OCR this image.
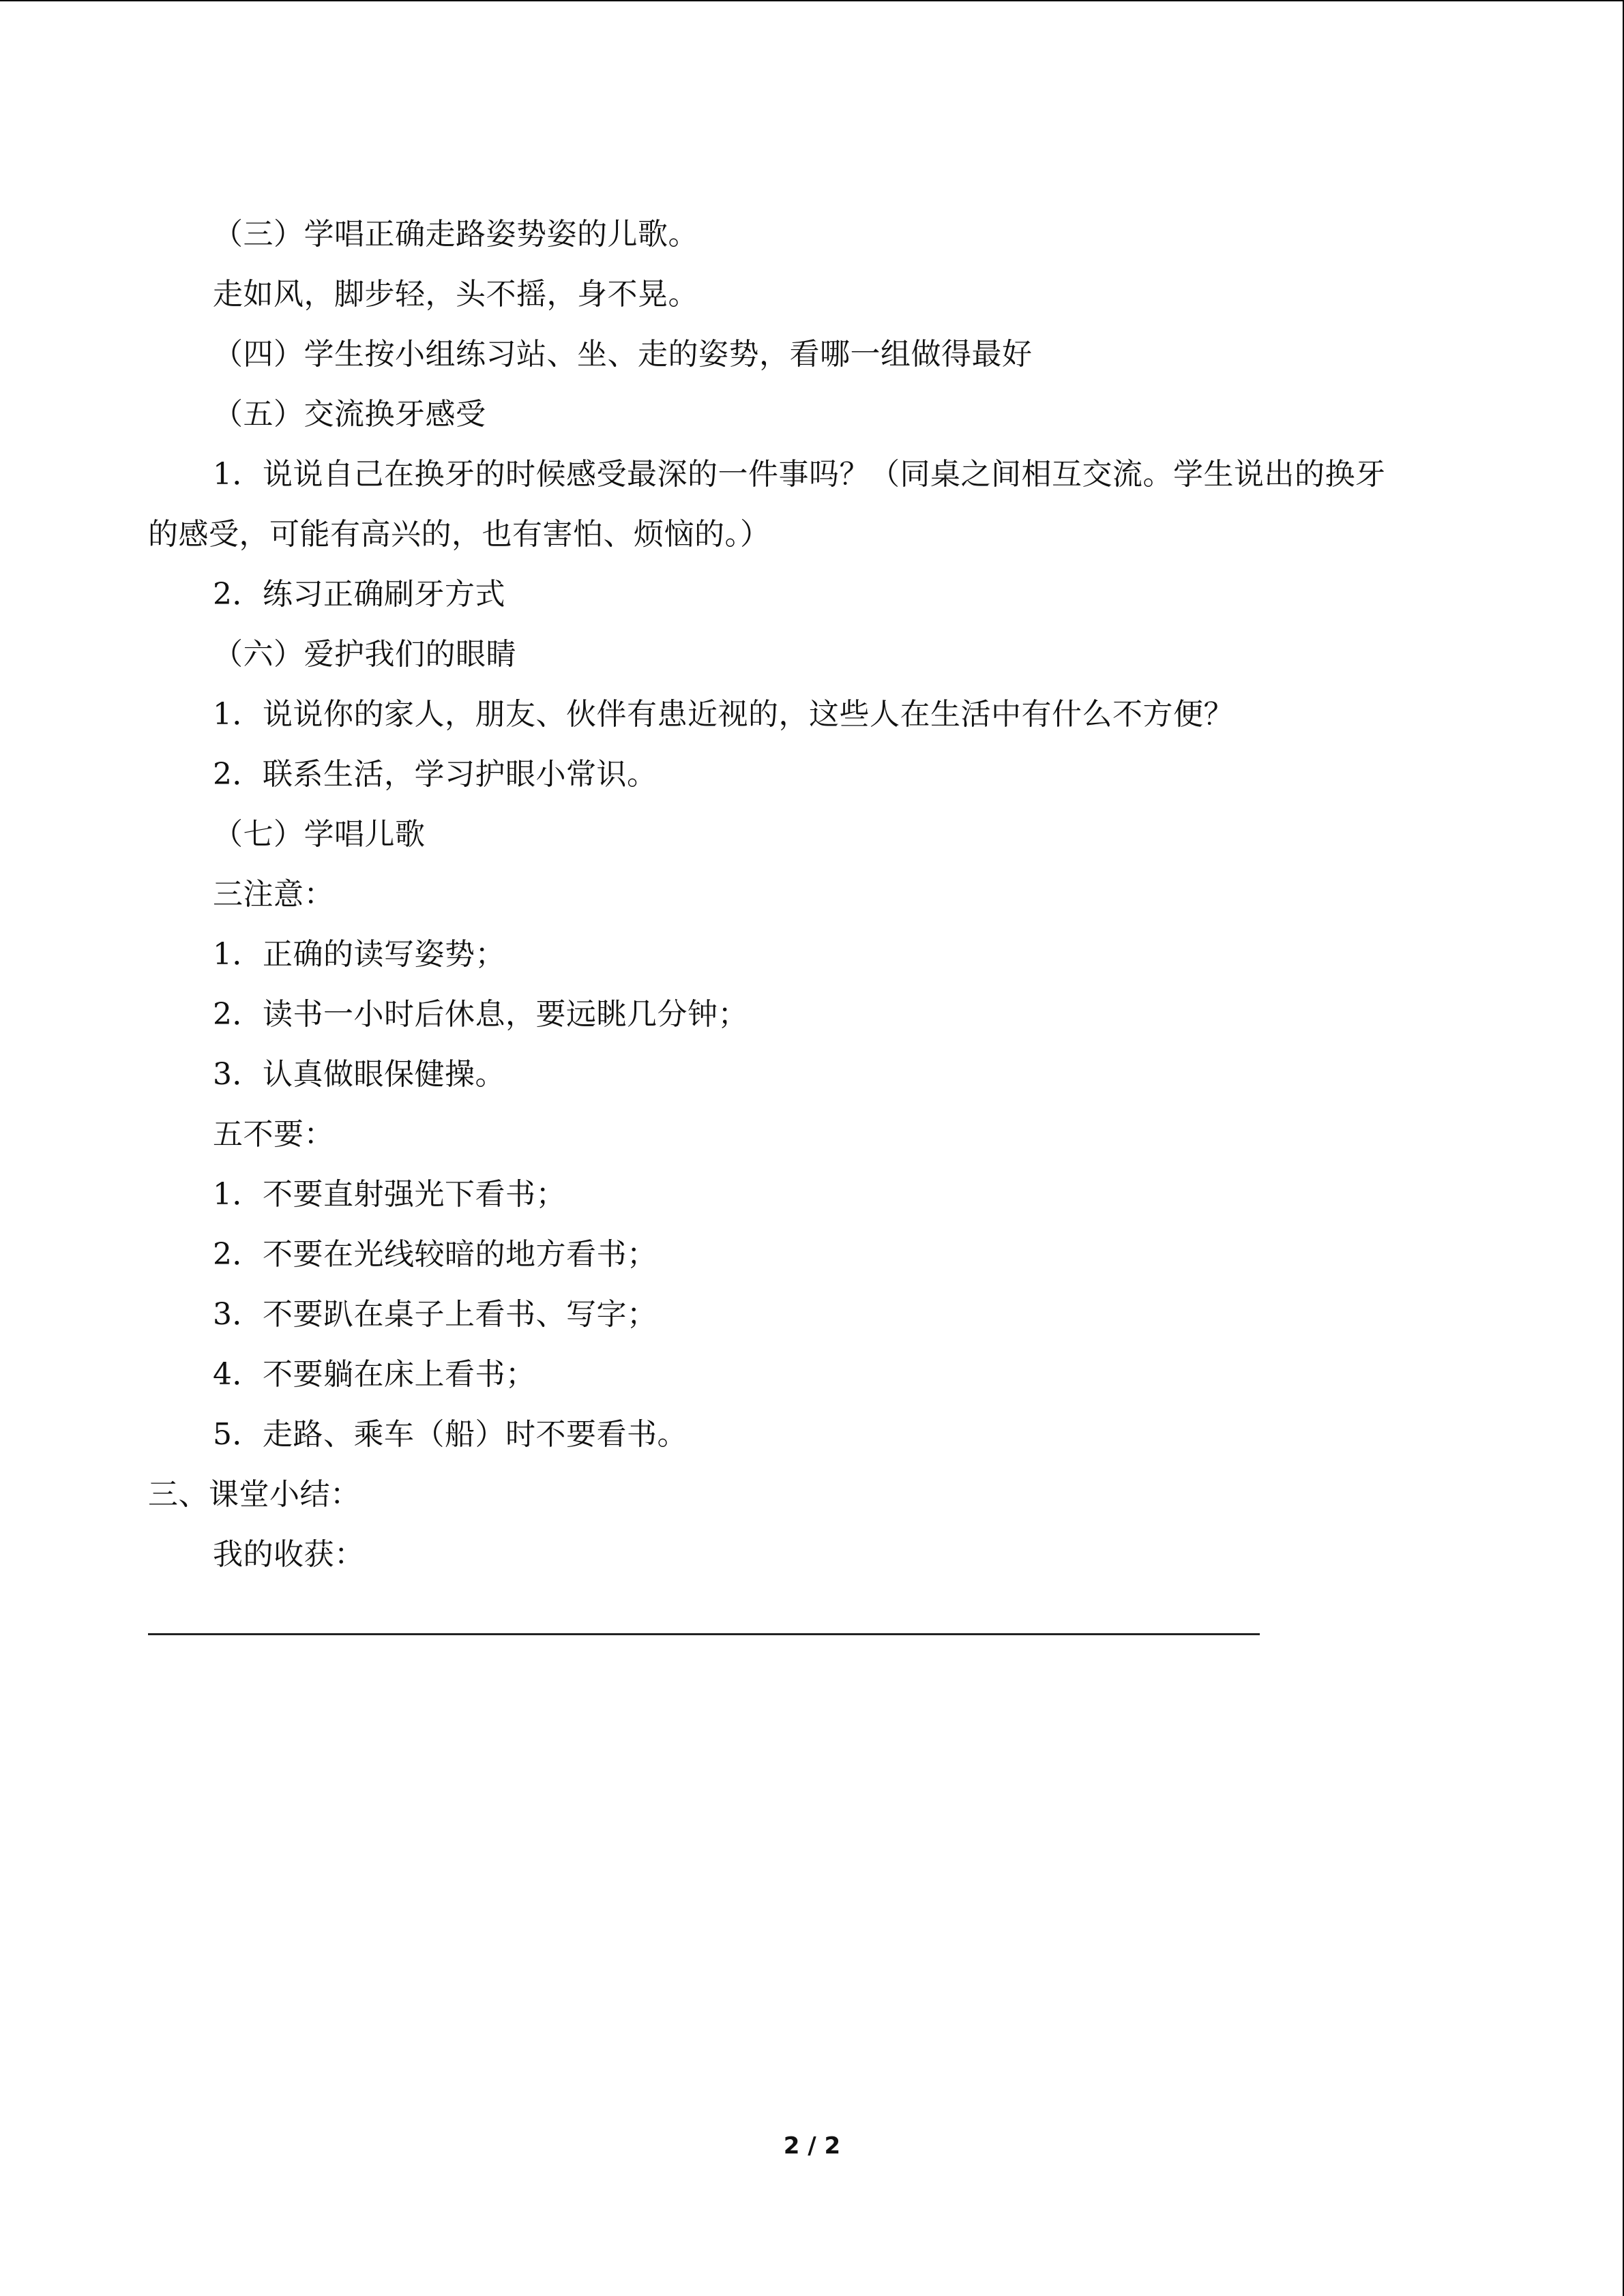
（三）学唱正确走路姿势姿的儿歌。
走如风，脚步轻，头不摇，身不晃。
（四）学生按小组练习站、坐、走的姿势，看哪一组做得最好
（五）交流换牙感受
1．说说自己在换牙的时候感受最深的一件事吗？（同桌之间相互交流。学生说出的换牙
的感受，可能有高兴的，也有害怕、烦恼的。）
2．练习正确刷牙方式
（六）爱护我们的眼睛
1．说说你的家人，朋友、伙伴有患近视的，这些人在生活中有什么不方便？
2．联系生活，学习护眼小常识。
（七）学唱儿歌
三注意：
1．正确的读写姿势；
2．读书一小时后休息，要远眺几分钟；
3．认真做眼保健操。
五不要：
1．不要直射强光下看书；
2．不要在光线较暗的地方看书；
3．不要趴在桌子上看书、写字；
4．不要躺在床上看书；
5．走路、乘车（船）时不要看书。
三、课堂小结：
我的收获：
2 / 2
